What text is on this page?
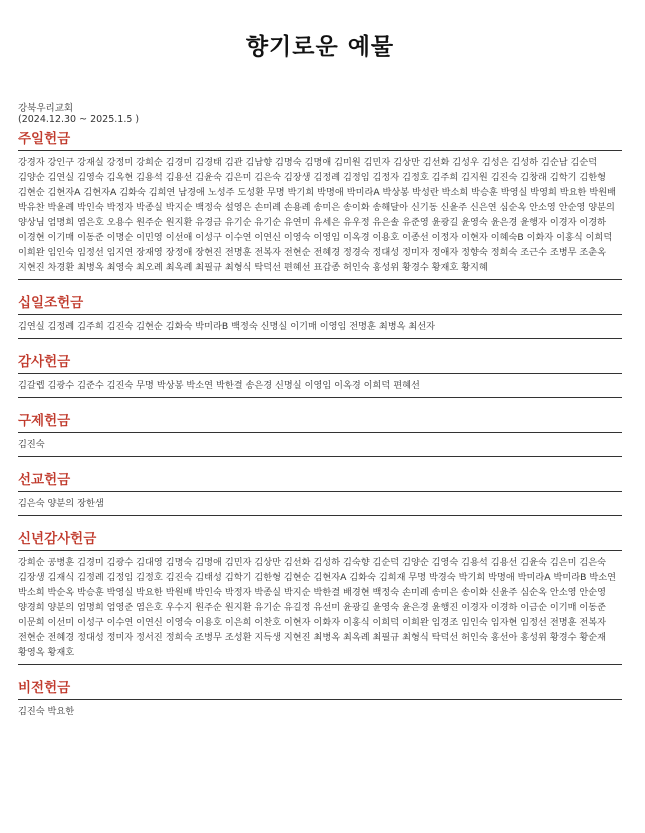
향기로운 예물
강북우리교회
(2024.12.30 ~ 2025.1.5 )
주일헌금
강경자 강인구 강재실 강정미 강희순 김경미 김경태 김관 김남향 김명숙 김명애 김미원 김민자 김상만 김선화 김성우 김성은 김성하 김순남 김순덕 김양순 김연실 김영숙 김옥현 김용석 김용선 김윤숙 김은미 김은숙 김장생 김정례 김정임 김정자 김정호 김주희 김지원 김진숙 김창래 김학기 김한형 김현순 김현자A 김현자A 김화숙 김희연 남경애 노성주 도성환 무명 박기희 박명애 박미라A 박상봉 박성란 박소희 박승훈 박영실 박영희 박요한 박원배 박유찬 박윤례 박인숙 박정자 박종실 박지순 백정숙 설영은 손미례 손용례 송미은 송이화 송해달아 신기동 신윤주 신은연 심순옥 안소영 안순영 양분의 양상님 엄명희 염은호 오용수 원주순 원지환 유경금 유기순 유기순 유연미 유세은 유우정 유은솔 유준영 윤광길 윤영숙 윤은경 윤행자 이경자 이경하 이경현 이기매 이동준 이명순 이민영 이선애 이성구 이수연 이연신 이영숙 이영임 이옥경 이용호 이종선 이정자 이현자 이혜숙B 이화자 이홍식 이희덕 이희완 임인숙 임정선 임지연 장재영 장정애 장현진 전명훈 전복자 전현순 전혜경 정경숙 정대성 정미자 정애자 정향숙 정희숙 조근수 조병무 조춘옥 지현진 차경환 최병옥 최영숙 최오례 최옥례 최필규 최형식 탁덕선 편혜선 표갑종 허인숙 홍성위 황경수 황재호 황지혜
십일조헌금
김연실 김정례 김주희 김진숙 김현순 김화숙 박미라B 백정숙 신명실 이기매 이영임 전명훈 최병옥 최선자
감사헌금
김갈렙 김광수 김준수 김진숙 무명 박상봉 박소연 박한결 송은경 신명실 이영임 이옥경 이희덕 편혜선
구제헌금
김진숙
선교헌금
김은숙 양분의 장한샘
신년감사헌금
강희순 공병훈 김경미 김광수 김대영 김명숙 김명애 김민자 김상만 김선화 김성하 김숙향 김순덕 김양순 김영숙 김용석 김용선 김윤숙 김은미 김은숙 김장생 김재식 김정례 김정임 김정호 김진숙 김태성 김학기 김한형 김현순 김현자A 김화숙 김희재 무명 박경숙 박기희 박명애 박미라A 박미라B 박소연 박소희 박순옥 박승훈 박영실 박요한 박원배 박인숙 박정자 박종실 박지순 박한결 배경현 백정숙 손미례 송미은 송이화 신윤주 심순옥 안소영 안순영 양경희 양분의 엄명희 엄영준 염은호 우수지 원주순 원지환 유기순 유길정 유선미 윤광길 윤영숙 윤은경 윤행진 이경자 이경하 이금순 이기매 이동준 이문희 이선미 이성구 이수연 이연신 이영숙 이용호 이은희 이찬호 이현자 이화자 이홍식 이희덕 이희완 임경조 임인숙 임자현 임정선 전명훈 전복자 전현순 전혜경 정대성 정미자 정서진 정희숙 조병무 조성환 지득생 지현진 최병옥 최옥례 최필규 최형식 탁덕선 허인숙 홍선아 홍성위 황경수 황순재 황영옥 황재호
비전헌금
김진숙 박요한
